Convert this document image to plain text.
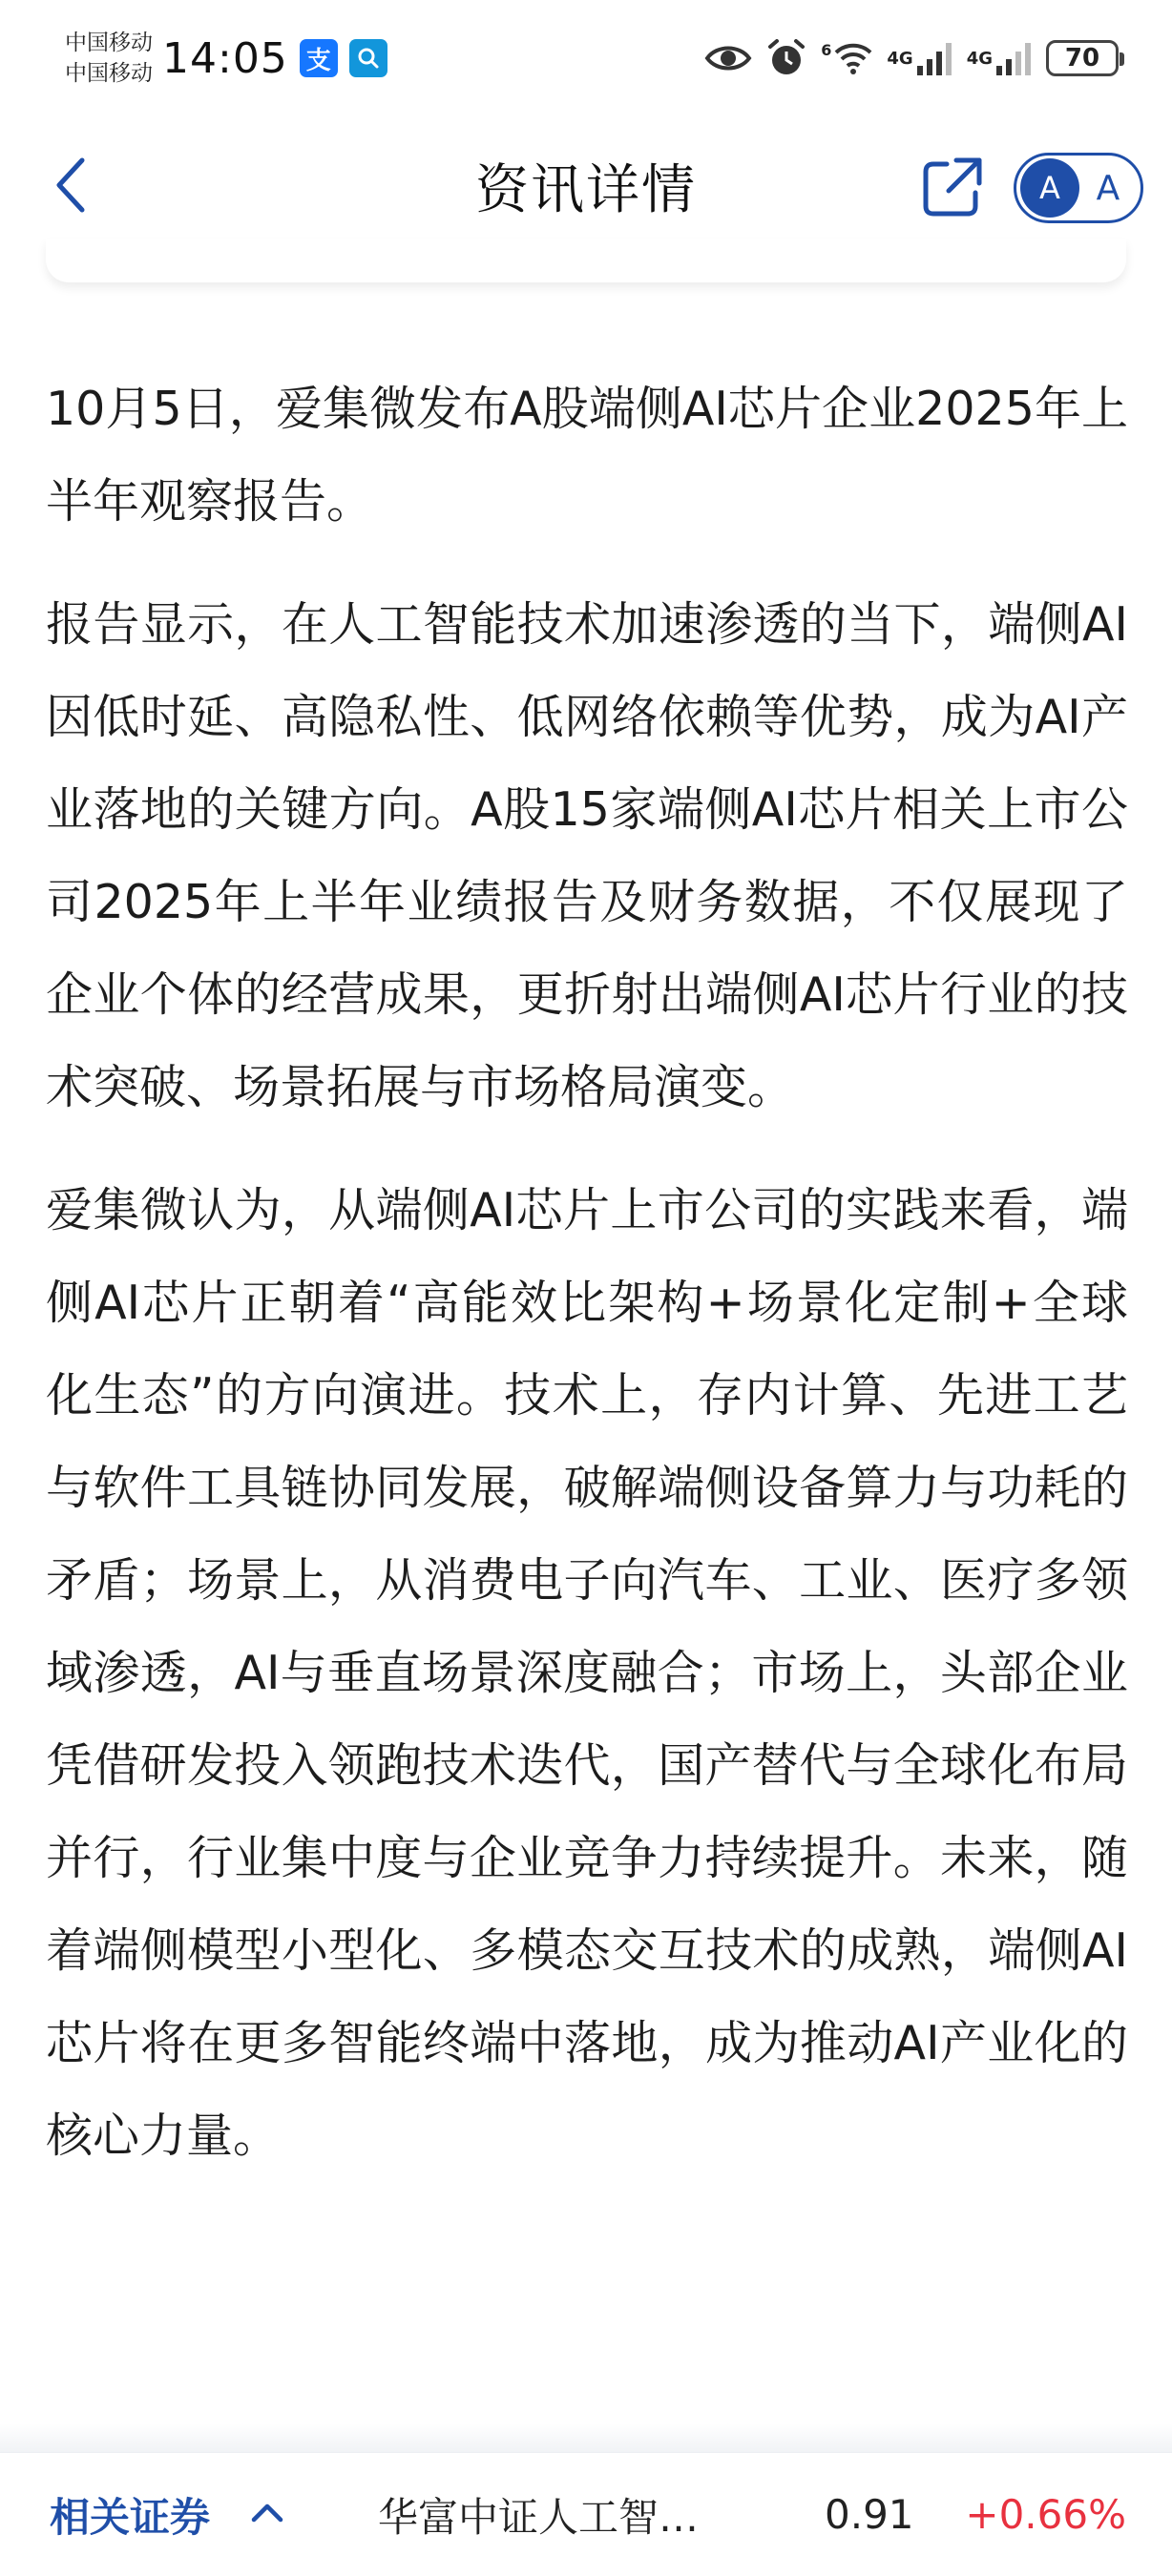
中国移动
中国移动 14:05 支	6	4G	4G	70
资讯详情	A	A

10月5日，爱集微发布A股端侧AI芯片企业2025年上半年观察报告。

报告显示，在人工智能技术加速渗透的当下，端侧AI因低时延、高隐私性、低网络依赖等优势，成为AI产业落地的关键方向。A股15家端侧AI芯片相关上市公司2025年上半年业绩报告及财务数据，不仅展现了企业个体的经营成果，更折射出端侧AI芯片行业的技术突破、场景拓展与市场格局演变。

爱集微认为，从端侧AI芯片上市公司的实践来看，端侧AI芯片正朝着“高能效比架构+场景化定制+全球化生态”的方向演进。技术上，存内计算、先进工艺与软件工具链协同发展，破解端侧设备算力与功耗的矛盾；场景上，从消费电子向汽车、工业、医疗多领域渗透，AI与垂直场景深度融合；市场上，头部企业凭借研发投入领跑技术迭代，国产替代与全球化布局并行，行业集中度与企业竞争力持续提升。未来，随着端侧模型小型化、多模态交互技术的成熟，端侧AI芯片将在更多智能终端中落地，成为推动AI产业化的核心力量。

相关证券	华富中证人工智…	0.91 +0.66%
